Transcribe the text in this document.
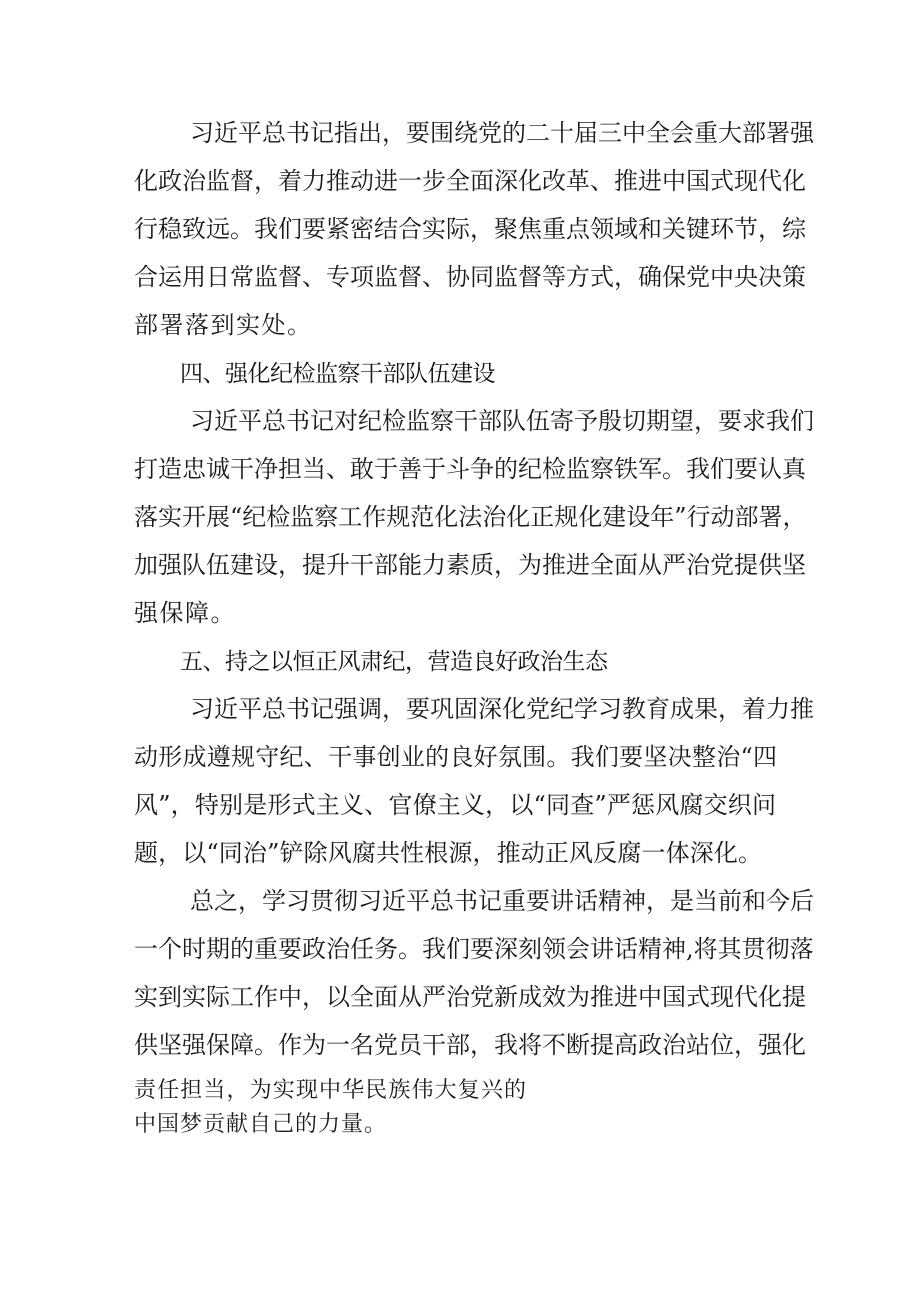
习近平总书记指出，要围绕党的二十届三中全会重大部署强
化政治监督，着力推动进一步全面深化改革、推进中国式现代化
行稳致远。我们要紧密结合实际，聚焦重点领域和关键环节，综
合运用日常监督、专项监督、协同监督等方式，确保党中央决策
部署落到实处。
四、强化纪检监察干部队伍建设
习近平总书记对纪检监察干部队伍寄予殷切期望，要求我们
打造忠诚干净担当、敢于善于斗争的纪检监察铁军。我们要认真
落实开展“纪检监察工作规范化法治化正规化建设年”行动部署，
加强队伍建设，提升干部能力素质，为推进全面从严治党提供坚
强保障。
五、持之以恒正风肃纪，营造良好政治生态
习近平总书记强调，要巩固深化党纪学习教育成果，着力推
动形成遵规守纪、干事创业的良好氛围。我们要坚决整治“四
风”，特别是形式主义、官僚主义，以“同查”严惩风腐交织问
题，以“同治”铲除风腐共性根源，推动正风反腐一体深化。
总之，学习贯彻习近平总书记重要讲话精神，是当前和今后
一个时期的重要政治任务。我们要深刻领会讲话精神,将其贯彻落
实到实际工作中，以全面从严治党新成效为推进中国式现代化提
供坚强保障。作为一名党员干部，我将不断提高政治站位，强化
责任担当，为实现中华民族伟大复兴的
中国梦贡献自己的力量。
